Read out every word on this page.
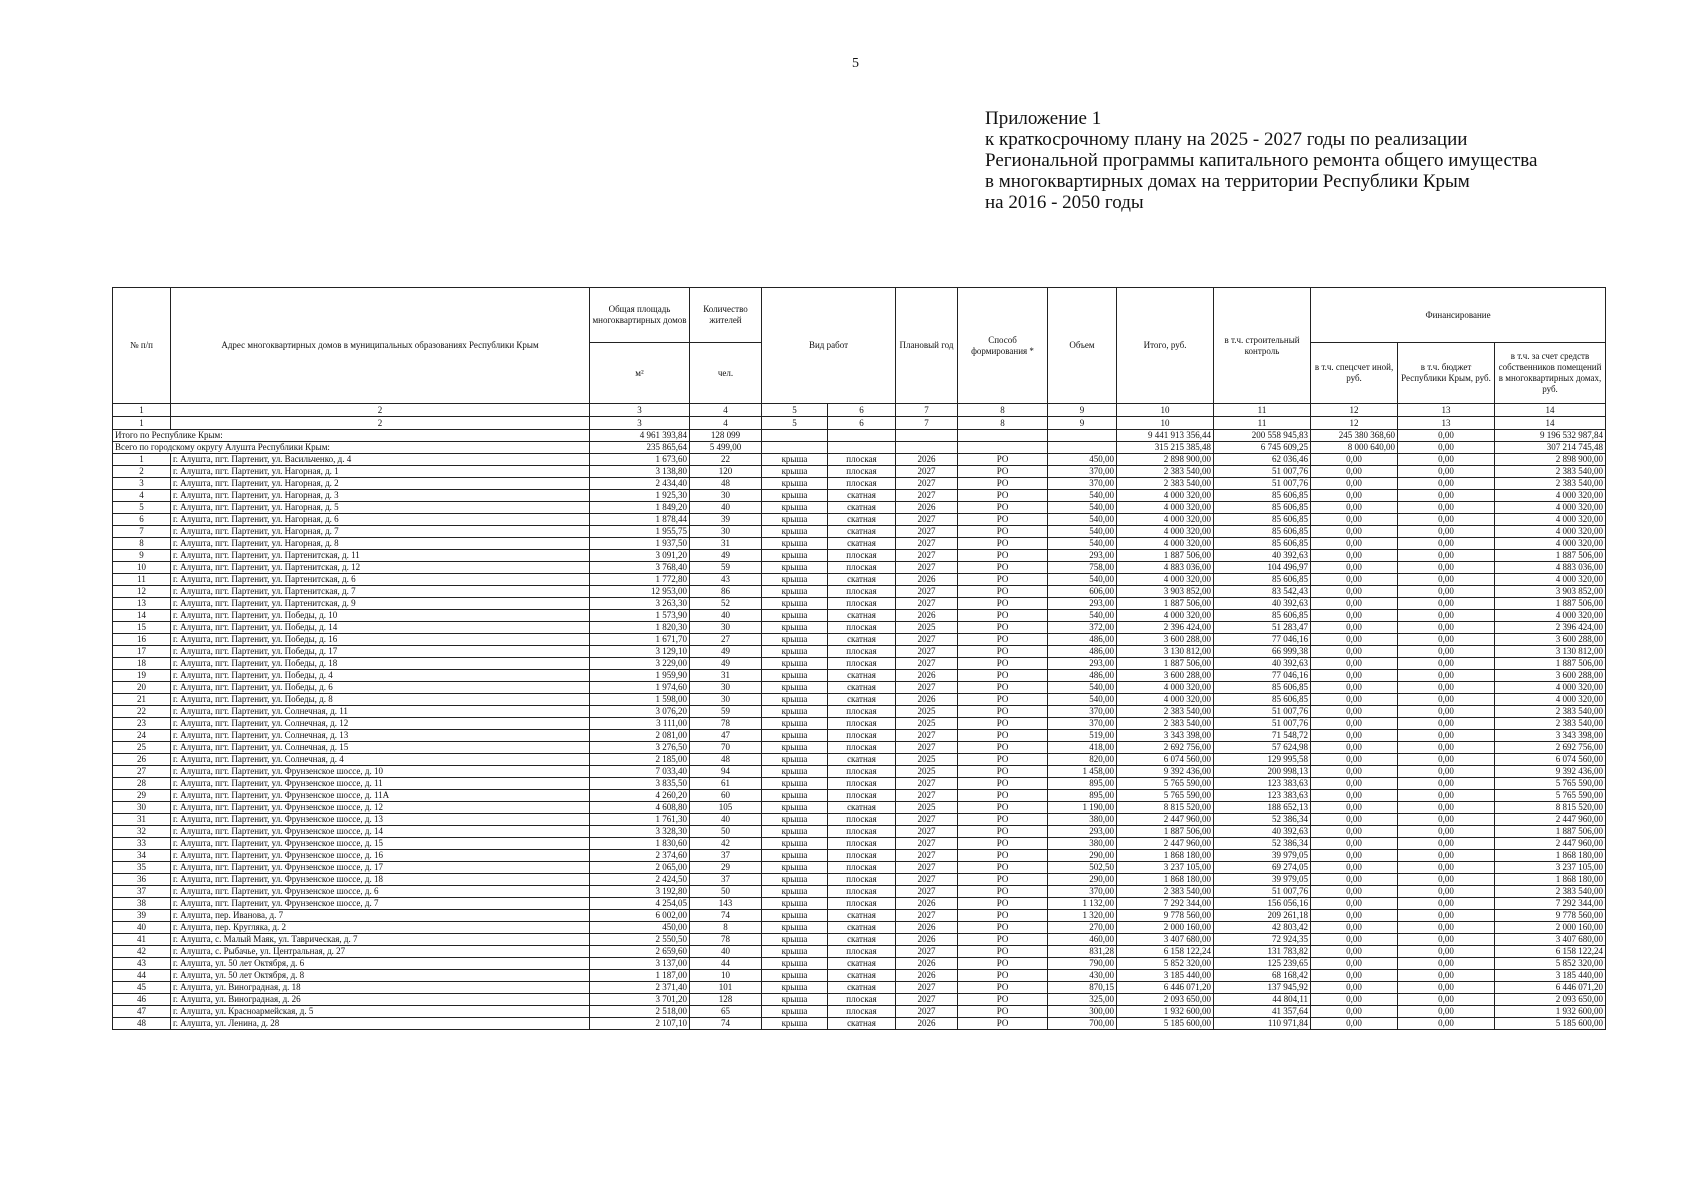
5
Приложение 1
к краткосрочному плану на 2025 - 2027 годы по реализации
Региональной программы капитального ремонта общего имущества
в многоквартирных домах на территории Республики Крым
на 2016 - 2050 годы
№ п/п	Адрес многоквартирных домов в муниципальных образованиях Республики Крым	Общая площадь многоквартирных домов	Количество жителей	Вид работ		Плановый год	Способ формирования *	Объем	Итого, руб.	в т.ч. строительный контроль	Финансирование		
		м²	чел.								в т.ч. спецсчет иной, руб.	в т.ч. бюджет Республики Крым, руб.	в т.ч. за счет средств собственников помещений в многоквартирных домах, руб.
1	2	3	4	5	6	7	8	9	10	11	12	13	14
1	2	3	4	5	6	7	8	9	10	11	12	13	14
Итого по Республике Крым:		4 961 393,84	128 099						9 441 913 356,44	200 558 945,83	245 380 368,60	0,00	9 196 532 987,84
Всего по городскому округу Алушта Республики Крым:		235 865,64	5 499,00						315 215 385,48	6 745 609,25	8 000 640,00	0,00	307 214 745,48
1	г. Алушта, пгт. Партенит, ул. Васильченко, д. 4	1 673,60	22	крыша	плоская	2026	РО	450,00	2 898 900,00	62 036,46	0,00	0,00	2 898 900,00
2	г. Алушта, пгт. Партенит, ул. Нагорная, д. 1	3 138,80	120	крыша	плоская	2027	РО	370,00	2 383 540,00	51 007,76	0,00	0,00	2 383 540,00
3	г. Алушта, пгт. Партенит, ул. Нагорная, д. 2	2 434,40	48	крыша	плоская	2027	РО	370,00	2 383 540,00	51 007,76	0,00	0,00	2 383 540,00
4	г. Алушта, пгт. Партенит, ул. Нагорная, д. 3	1 925,30	30	крыша	скатная	2027	РО	540,00	4 000 320,00	85 606,85	0,00	0,00	4 000 320,00
5	г. Алушта, пгт. Партенит, ул. Нагорная, д. 5	1 849,20	40	крыша	скатная	2026	РО	540,00	4 000 320,00	85 606,85	0,00	0,00	4 000 320,00
6	г. Алушта, пгт. Партенит, ул. Нагорная, д. 6	1 878,44	39	крыша	скатная	2027	РО	540,00	4 000 320,00	85 606,85	0,00	0,00	4 000 320,00
7	г. Алушта, пгт. Партенит, ул. Нагорная, д. 7	1 955,75	30	крыша	скатная	2027	РО	540,00	4 000 320,00	85 606,85	0,00	0,00	4 000 320,00
8	г. Алушта, пгт. Партенит, ул. Нагорная, д. 8	1 937,50	31	крыша	скатная	2027	РО	540,00	4 000 320,00	85 606,85	0,00	0,00	4 000 320,00
9	г. Алушта, пгт. Партенит, ул. Партенитская, д. 11	3 091,20	49	крыша	плоская	2027	РО	293,00	1 887 506,00	40 392,63	0,00	0,00	1 887 506,00
10	г. Алушта, пгт. Партенит, ул. Партенитская, д. 12	3 768,40	59	крыша	плоская	2027	РО	758,00	4 883 036,00	104 496,97	0,00	0,00	4 883 036,00
11	г. Алушта, пгт. Партенит, ул. Партенитская, д. 6	1 772,80	43	крыша	скатная	2026	РО	540,00	4 000 320,00	85 606,85	0,00	0,00	4 000 320,00
12	г. Алушта, пгт. Партенит, ул. Партенитская, д. 7	12 953,00	86	крыша	плоская	2027	РО	606,00	3 903 852,00	83 542,43	0,00	0,00	3 903 852,00
13	г. Алушта, пгт. Партенит, ул. Партенитская, д. 9	3 263,30	52	крыша	плоская	2027	РО	293,00	1 887 506,00	40 392,63	0,00	0,00	1 887 506,00
14	г. Алушта, пгт. Партенит, ул. Победы, д. 10	1 573,90	40	крыша	скатная	2026	РО	540,00	4 000 320,00	85 606,85	0,00	0,00	4 000 320,00
15	г. Алушта, пгт. Партенит, ул. Победы, д. 14	1 820,30	30	крыша	плоская	2025	РО	372,00	2 396 424,00	51 283,47	0,00	0,00	2 396 424,00
16	г. Алушта, пгт. Партенит, ул. Победы, д. 16	1 671,70	27	крыша	скатная	2027	РО	486,00	3 600 288,00	77 046,16	0,00	0,00	3 600 288,00
17	г. Алушта, пгт. Партенит, ул. Победы, д. 17	3 129,10	49	крыша	плоская	2027	РО	486,00	3 130 812,00	66 999,38	0,00	0,00	3 130 812,00
18	г. Алушта, пгт. Партенит, ул. Победы, д. 18	3 229,00	49	крыша	плоская	2027	РО	293,00	1 887 506,00	40 392,63	0,00	0,00	1 887 506,00
19	г. Алушта, пгт. Партенит, ул. Победы, д. 4	1 959,90	31	крыша	скатная	2026	РО	486,00	3 600 288,00	77 046,16	0,00	0,00	3 600 288,00
20	г. Алушта, пгт. Партенит, ул. Победы, д. 6	1 974,60	30	крыша	скатная	2027	РО	540,00	4 000 320,00	85 606,85	0,00	0,00	4 000 320,00
21	г. Алушта, пгт. Партенит, ул. Победы, д. 8	1 598,00	30	крыша	скатная	2026	РО	540,00	4 000 320,00	85 606,85	0,00	0,00	4 000 320,00
22	г. Алушта, пгт. Партенит, ул. Солнечная, д. 11	3 076,20	59	крыша	плоская	2025	РО	370,00	2 383 540,00	51 007,76	0,00	0,00	2 383 540,00
23	г. Алушта, пгт. Партенит, ул. Солнечная, д. 12	3 111,00	78	крыша	плоская	2025	РО	370,00	2 383 540,00	51 007,76	0,00	0,00	2 383 540,00
24	г. Алушта, пгт. Партенит, ул. Солнечная, д. 13	2 081,00	47	крыша	плоская	2027	РО	519,00	3 343 398,00	71 548,72	0,00	0,00	3 343 398,00
25	г. Алушта, пгт. Партенит, ул. Солнечная, д. 15	3 276,50	70	крыша	плоская	2027	РО	418,00	2 692 756,00	57 624,98	0,00	0,00	2 692 756,00
26	г. Алушта, пгт. Партенит, ул. Солнечная, д. 4	2 185,00	48	крыша	скатная	2025	РО	820,00	6 074 560,00	129 995,58	0,00	0,00	6 074 560,00
27	г. Алушта, пгт. Партенит, ул. Фрунзенское шоссе, д. 10	7 033,40	94	крыша	плоская	2025	РО	1 458,00	9 392 436,00	200 998,13	0,00	0,00	9 392 436,00
28	г. Алушта, пгт. Партенит, ул. Фрунзенское шоссе, д. 11	3 835,50	61	крыша	плоская	2027	РО	895,00	5 765 590,00	123 383,63	0,00	0,00	5 765 590,00
29	г. Алушта, пгт. Партенит, ул. Фрунзенское шоссе, д. 11А	4 260,20	60	крыша	плоская	2027	РО	895,00	5 765 590,00	123 383,63	0,00	0,00	5 765 590,00
30	г. Алушта, пгт. Партенит, ул. Фрунзенское шоссе, д. 12	4 608,80	105	крыша	скатная	2025	РО	1 190,00	8 815 520,00	188 652,13	0,00	0,00	8 815 520,00
31	г. Алушта, пгт. Партенит, ул. Фрунзенское шоссе, д. 13	1 761,30	40	крыша	плоская	2027	РО	380,00	2 447 960,00	52 386,34	0,00	0,00	2 447 960,00
32	г. Алушта, пгт. Партенит, ул. Фрунзенское шоссе, д. 14	3 328,30	50	крыша	плоская	2027	РО	293,00	1 887 506,00	40 392,63	0,00	0,00	1 887 506,00
33	г. Алушта, пгт. Партенит, ул. Фрунзенское шоссе, д. 15	1 830,60	42	крыша	плоская	2027	РО	380,00	2 447 960,00	52 386,34	0,00	0,00	2 447 960,00
34	г. Алушта, пгт. Партенит, ул. Фрунзенское шоссе, д. 16	2 374,60	37	крыша	плоская	2027	РО	290,00	1 868 180,00	39 979,05	0,00	0,00	1 868 180,00
35	г. Алушта, пгт. Партенит, ул. Фрунзенское шоссе, д. 17	2 065,00	29	крыша	плоская	2027	РО	502,50	3 237 105,00	69 274,05	0,00	0,00	3 237 105,00
36	г. Алушта, пгт. Партенит, ул. Фрунзенское шоссе, д. 18	2 424,50	37	крыша	плоская	2027	РО	290,00	1 868 180,00	39 979,05	0,00	0,00	1 868 180,00
37	г. Алушта, пгт. Партенит, ул. Фрунзенское шоссе, д. 6	3 192,80	50	крыша	плоская	2027	РО	370,00	2 383 540,00	51 007,76	0,00	0,00	2 383 540,00
38	г. Алушта, пгт. Партенит, ул. Фрунзенское шоссе, д. 7	4 254,05	143	крыша	плоская	2026	РО	1 132,00	7 292 344,00	156 056,16	0,00	0,00	7 292 344,00
39	г. Алушта, пер. Иванова, д. 7	6 002,00	74	крыша	скатная	2027	РО	1 320,00	9 778 560,00	209 261,18	0,00	0,00	9 778 560,00
40	г. Алушта, пер. Кругляка, д. 2	450,00	8	крыша	скатная	2026	РО	270,00	2 000 160,00	42 803,42	0,00	0,00	2 000 160,00
41	г. Алушта, с. Малый Маяк, ул. Таврическая, д. 7	2 550,50	78	крыша	скатная	2026	РО	460,00	3 407 680,00	72 924,35	0,00	0,00	3 407 680,00
42	г. Алушта, с. Рыбачье, ул. Центральная, д. 27	2 659,60	40	крыша	плоская	2027	РО	831,28	6 158 122,24	131 783,82	0,00	0,00	6 158 122,24
43	г. Алушта, ул. 50 лет Октября, д. 6	3 137,00	44	крыша	скатная	2026	РО	790,00	5 852 320,00	125 239,65	0,00	0,00	5 852 320,00
44	г. Алушта, ул. 50 лет Октября, д. 8	1 187,00	10	крыша	скатная	2026	РО	430,00	3 185 440,00	68 168,42	0,00	0,00	3 185 440,00
45	г. Алушта, ул. Виноградная, д. 18	2 371,40	101	крыша	скатная	2027	РО	870,15	6 446 071,20	137 945,92	0,00	0,00	6 446 071,20
46	г. Алушта, ул. Виноградная, д. 26	3 701,20	128	крыша	плоская	2027	РО	325,00	2 093 650,00	44 804,11	0,00	0,00	2 093 650,00
47	г. Алушта, ул. Красноармейская, д. 5	2 518,00	65	крыша	плоская	2027	РО	300,00	1 932 600,00	41 357,64	0,00	0,00	1 932 600,00
48	г. Алушта, ул. Ленина, д. 28	2 107,10	74	крыша	скатная	2026	РО	700,00	5 185 600,00	110 971,84	0,00	0,00	5 185 600,00
